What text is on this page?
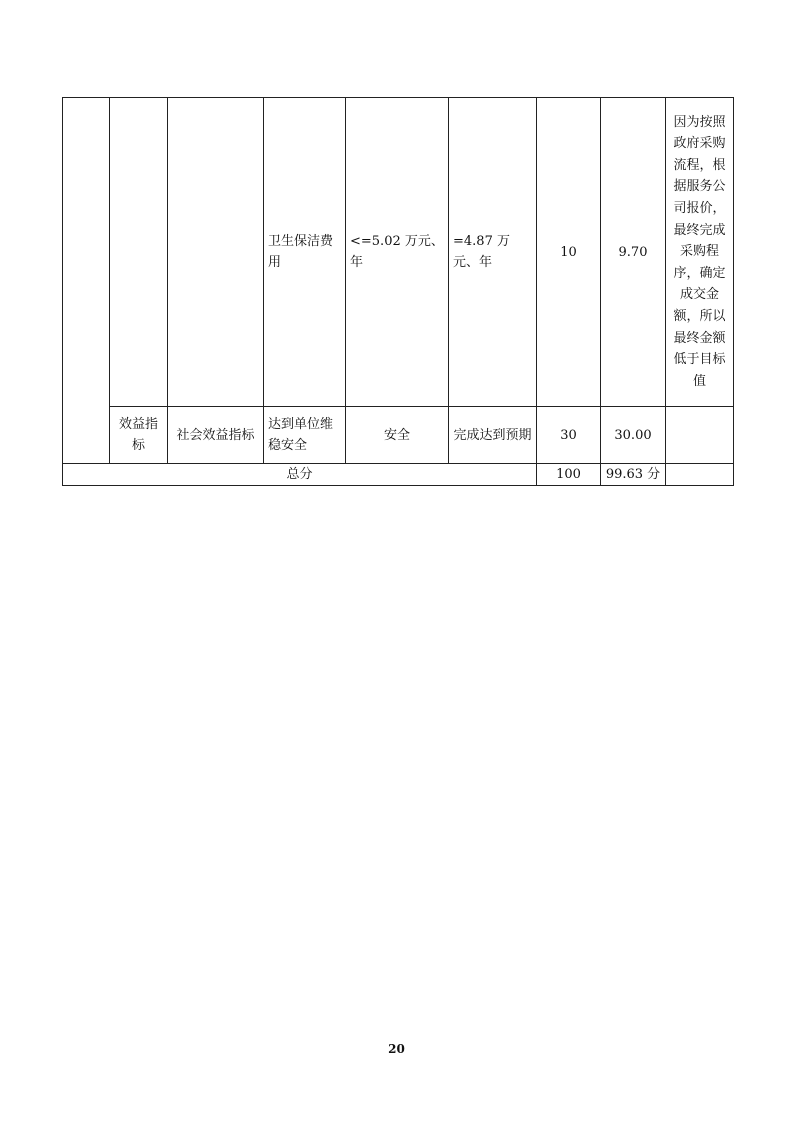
			卫生保洁费用	<=5.02 万元、年	=4.87 万元、年	10	9.70	因为按照政府采购流程，根据服务公司报价，最终完成采购程序，确定成交金额，所以最终金额低于目标值
	效益指标	社会效益指标	达到单位维稳安全	安全	完成达到预期	30	30.00	
总分						100	99.63 分	
20
